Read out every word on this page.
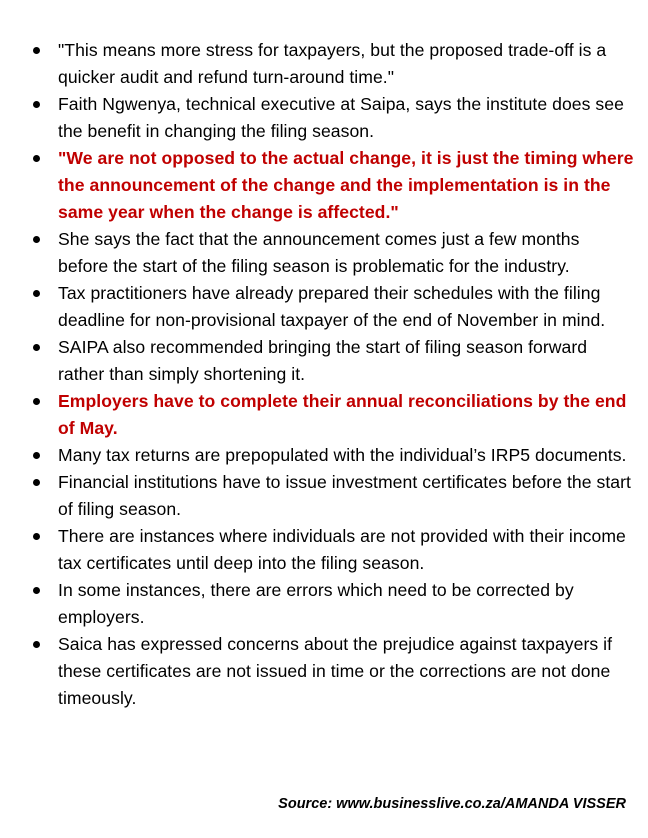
"This means more stress for taxpayers, but the proposed trade-off is a quicker audit and refund turn-around time."
Faith Ngwenya, technical executive at Saipa, says the institute does see the benefit in changing the filing season.
"We are not opposed to the actual change, it is just the timing where the announcement of the change and the implementation is in the same year when the change is affected."
She says the fact that the announcement comes just a few months before the start of the filing season is problematic for the industry.
Tax practitioners have already prepared their schedules with the filing deadline for non-provisional taxpayer of the end of November in mind.
SAIPA also recommended bringing the start of filing season forward rather than simply shortening it.
Employers have to complete their annual reconciliations by the end of May.
Many tax returns are prepopulated with the individual’s IRP5 documents.
Financial institutions have to issue investment certificates before the start of filing season.
There are instances where individuals are not provided with their income tax certificates until deep into the filing season.
In some instances, there are errors which need to be corrected by employers.
Saica has expressed concerns about the prejudice against taxpayers if these certificates are not issued in time or the corrections are not done timeously.
Source: www.businesslive.co.za/AMANDA VISSER
